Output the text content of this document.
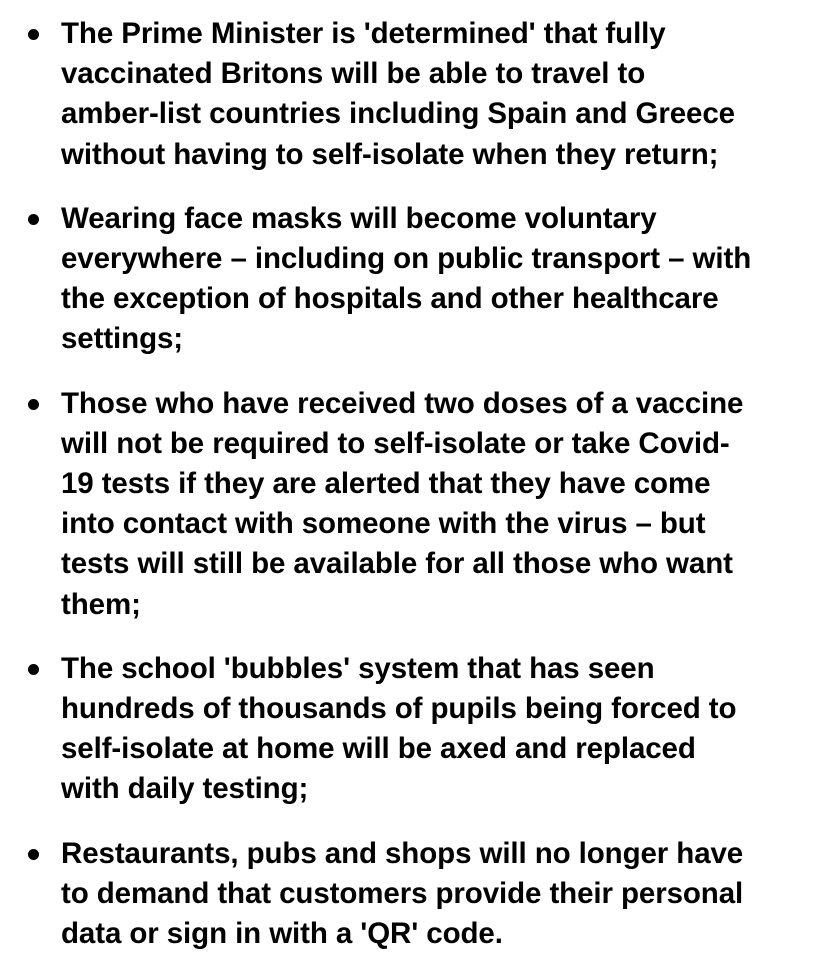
The Prime Minister is 'determined' that fully
vaccinated Britons will be able to travel to
amber-list countries including Spain and Greece
without having to self-isolate when they return;
Wearing face masks will become voluntary
everywhere – including on public transport – with
the exception of hospitals and other healthcare
settings;
Those who have received two doses of a vaccine
will not be required to self-isolate or take Covid-
19 tests if they are alerted that they have come
into contact with someone with the virus – but
tests will still be available for all those who want
them;
The school 'bubbles' system that has seen
hundreds of thousands of pupils being forced to
self-isolate at home will be axed and replaced
with daily testing;
Restaurants, pubs and shops will no longer have
to demand that customers provide their personal
data or sign in with a 'QR' code.
